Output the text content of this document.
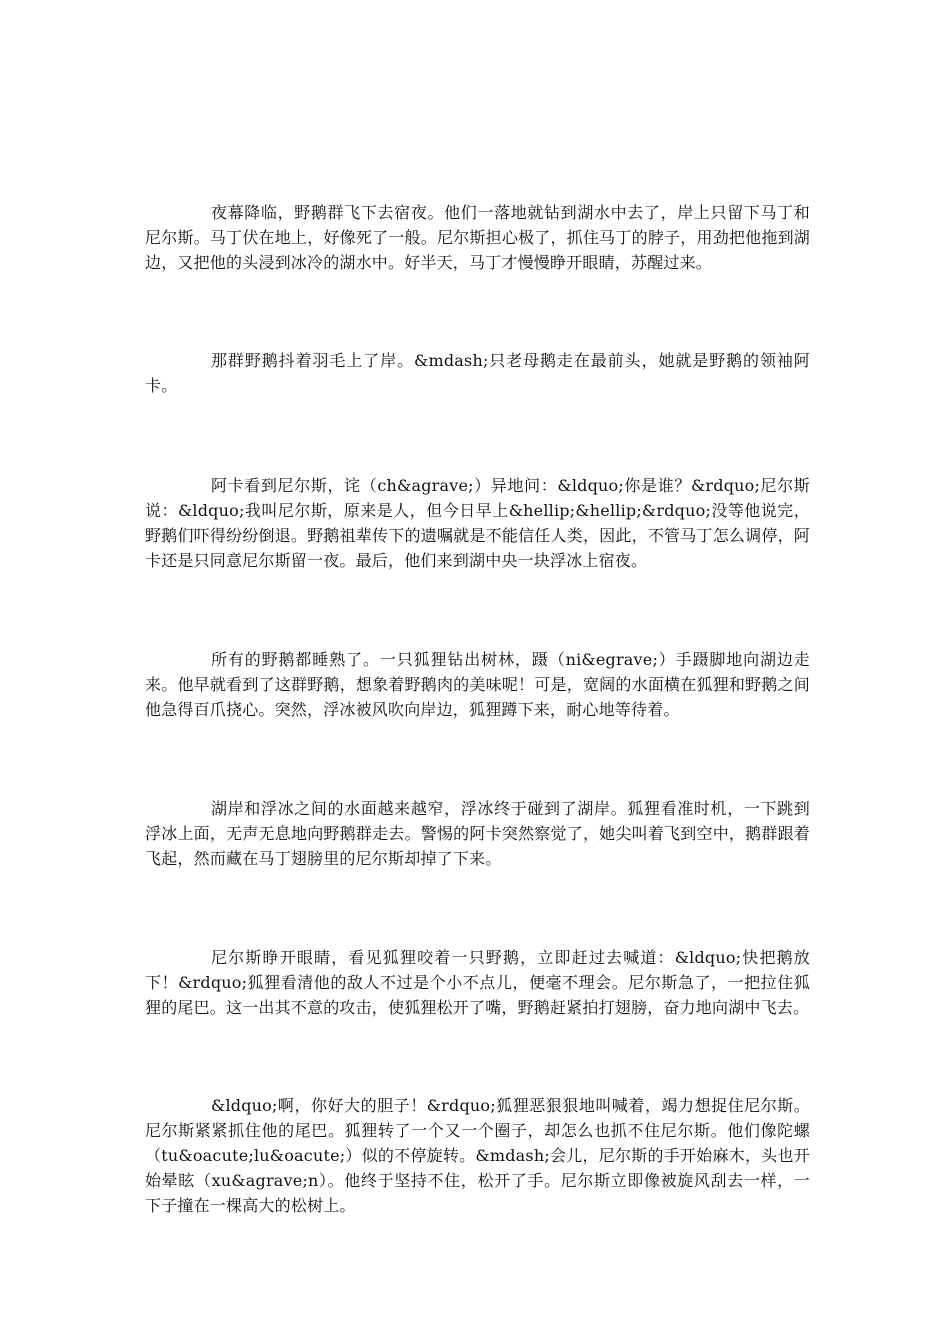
夜幕降临，野鹅群飞下去宿夜。他们一落地就钻到湖水中去了，岸上只留下马丁和尼尔斯。马丁伏在地上，好像死了一般。尼尔斯担心极了，抓住马丁的脖子，用劲把他拖到湖边，又把他的头浸到冰冷的湖水中。好半天，马丁才慢慢睁开眼睛，苏醒过来。

那群野鹅抖着羽毛上了岸。&mdash;只老母鹅走在最前头，她就是野鹅的领袖阿卡。

阿卡看到尼尔斯，诧（ch&agrave;）异地问：&ldquo;你是谁？&rdquo;尼尔斯说：&ldquo;我叫尼尔斯，原来是人，但今日早上&hellip;&hellip;&rdquo;没等他说完，野鹅们吓得纷纷倒退。野鹅祖辈传下的遗嘱就是不能信任人类，因此，不管马丁怎么调停，阿卡还是只同意尼尔斯留一夜。最后，他们来到湖中央一块浮冰上宿夜。

所有的野鹅都睡熟了。一只狐狸钻出树林，蹑（ni&egrave;）手蹑脚地向湖边走来。他早就看到了这群野鹅，想象着野鹅肉的美味呢！可是，宽阔的水面横在狐狸和野鹅之间他急得百爪挠心。突然，浮冰被风吹向岸边，狐狸蹲下来，耐心地等待着。

湖岸和浮冰之间的水面越来越窄，浮冰终于碰到了湖岸。狐狸看准时机，一下跳到浮冰上面，无声无息地向野鹅群走去。警惕的阿卡突然察觉了，她尖叫着飞到空中，鹅群跟着飞起，然而藏在马丁翅膀里的尼尔斯却掉了下来。

尼尔斯睁开眼睛，看见狐狸咬着一只野鹅，立即赶过去喊道：&ldquo;快把鹅放下！&rdquo;狐狸看清他的敌人不过是个小不点儿，便毫不理会。尼尔斯急了，一把拉住狐狸的尾巴。这一出其不意的攻击，使狐狸松开了嘴，野鹅赶紧拍打翅膀，奋力地向湖中飞去。

&ldquo;啊，你好大的胆子！&rdquo;狐狸恶狠狠地叫喊着，竭力想捉住尼尔斯。尼尔斯紧紧抓住他的尾巴。狐狸转了一个又一个圈子，却怎么也抓不住尼尔斯。他们像陀螺（tu&oacute;lu&oacute;）似的不停旋转。&mdash;会儿，尼尔斯的手开始麻木，头也开始晕眩（xu&agrave;n）。他终于坚持不住，松开了手。尼尔斯立即像被旋风刮去一样，一下子撞在一棵高大的松树上。
